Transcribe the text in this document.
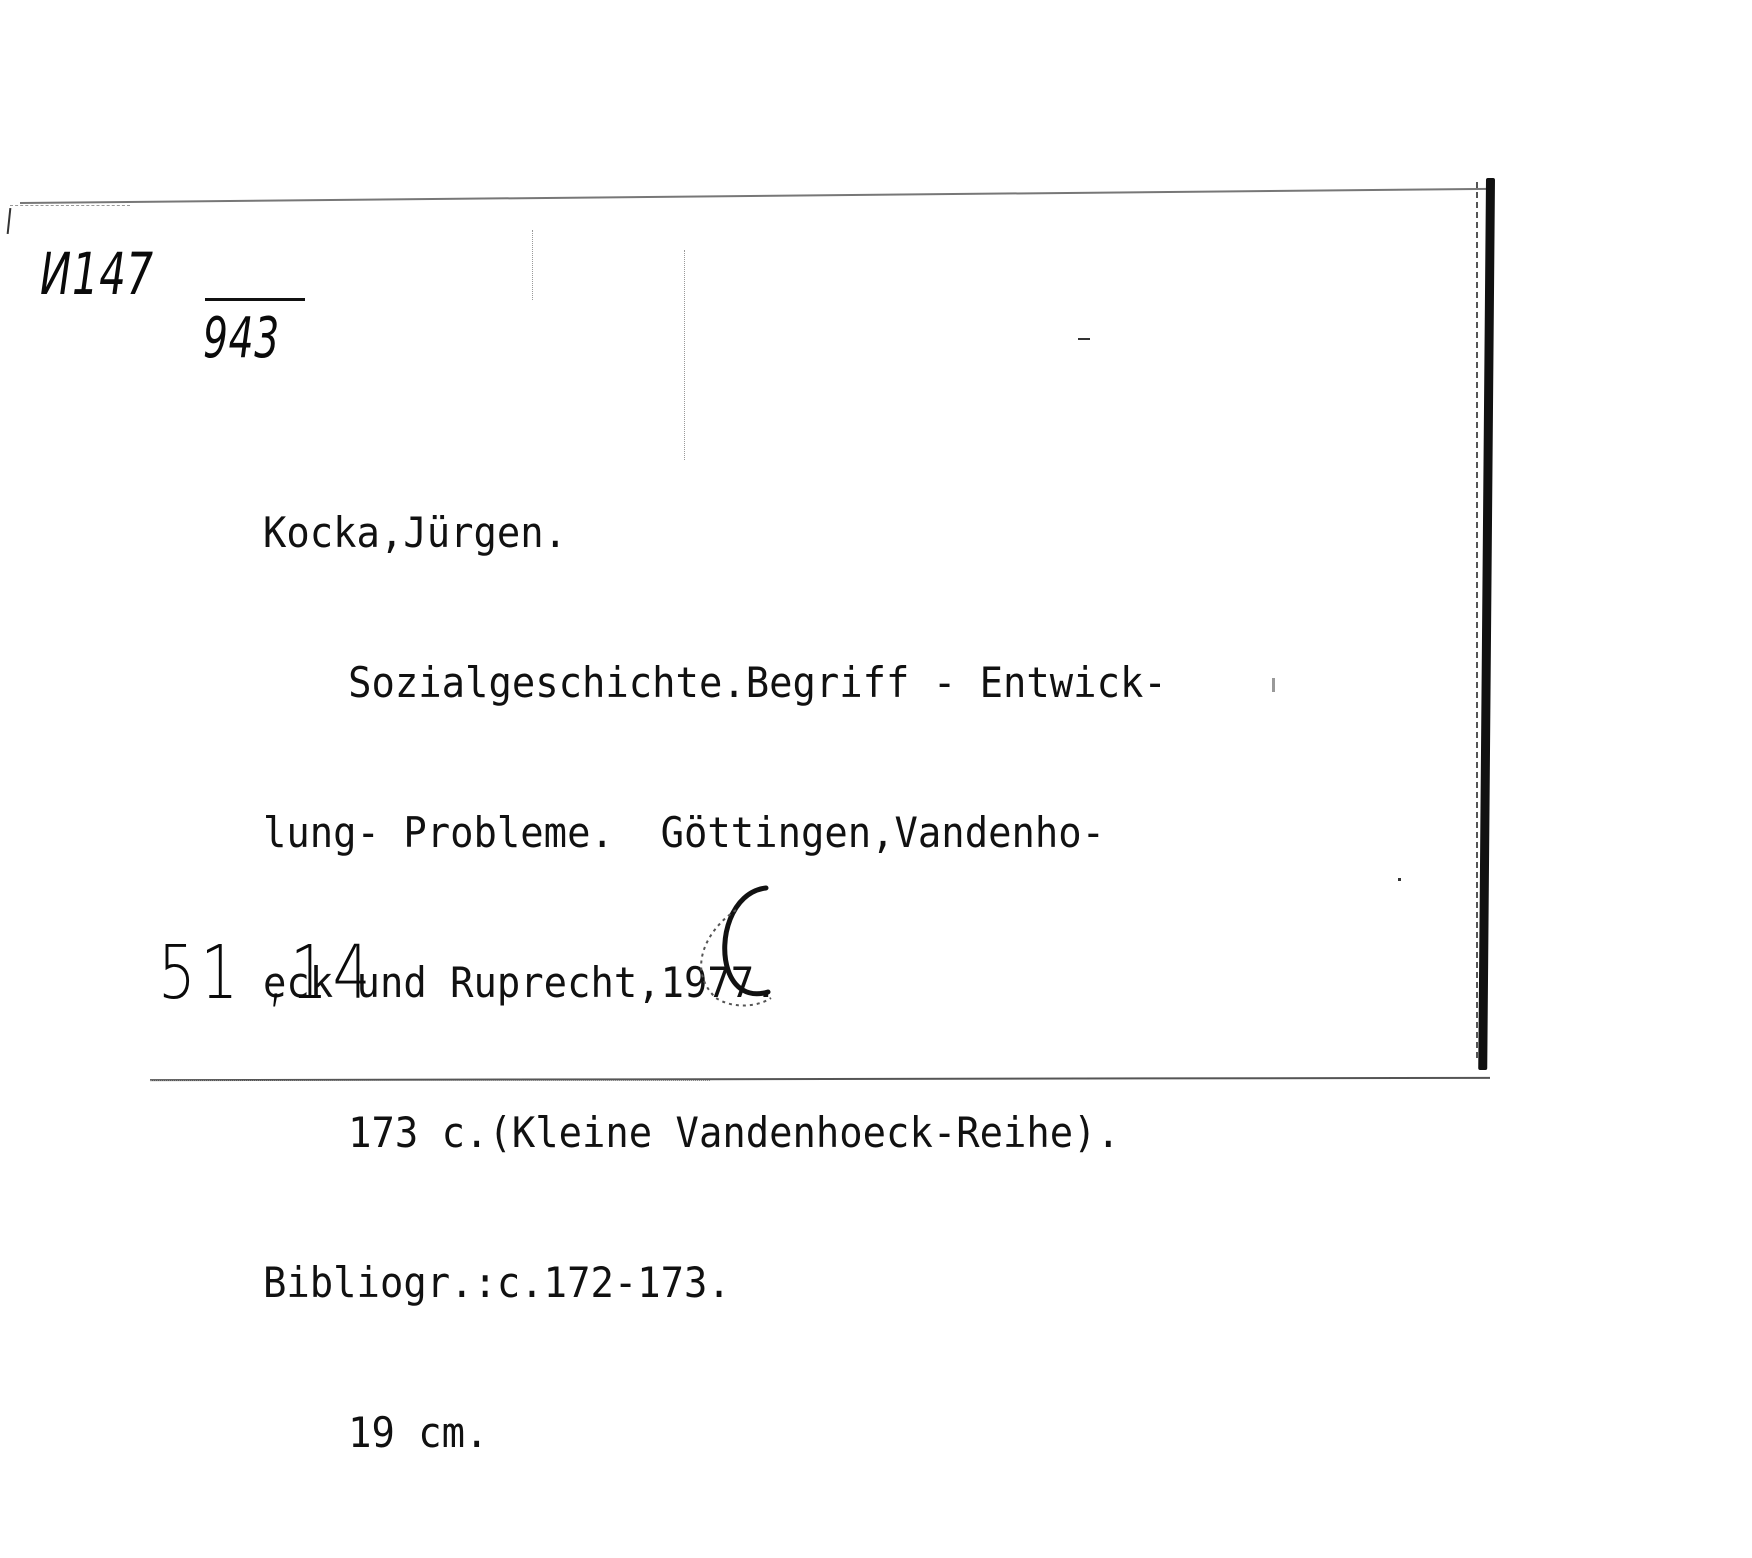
И147
943

Kocka,Jürgen.

Sozialgeschichte.Begriff - Entwick-

lung- Probleme.  Göttingen,Vandenho-

eck und Ruprecht,1977.

173 c.(Kleine Vandenhoeck-Reihe).

Bibliogr.:c.172-173.

19 cm.

51 ,14
